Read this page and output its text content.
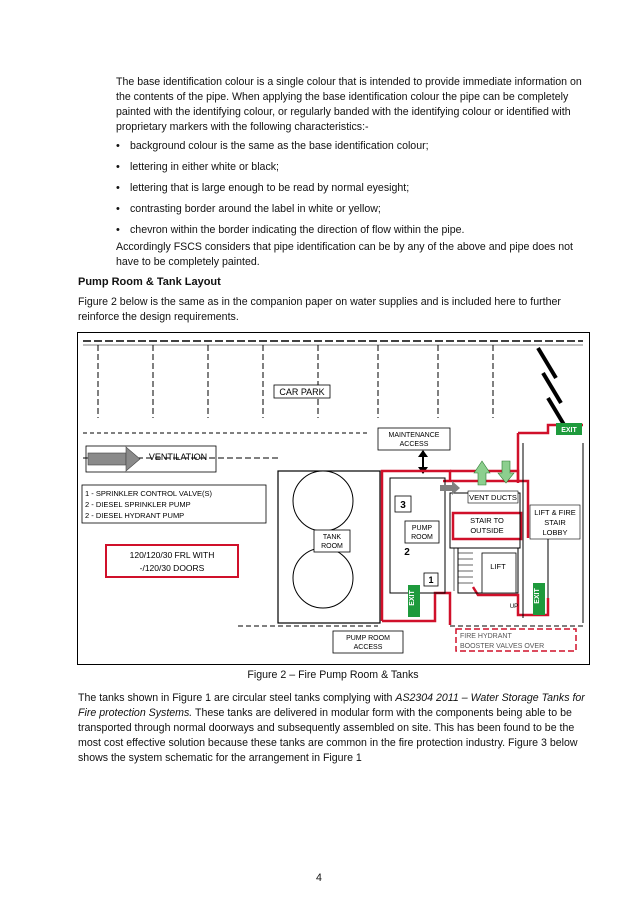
The base identification colour is a single colour that is intended to provide immediate information on the contents of the pipe. When applying the base identification colour the pipe can be completely painted with the identifying colour, or regularly banded with the identifying colour or identified with proprietary markers with the following characteristics:-
• background colour is the same as the base identification colour;
• lettering in either white or black;
• lettering that is large enough to be read by normal eyesight;
• contrasting border around the label in white or yellow;
• chevron within the border indicating the direction of flow within the pipe.
Accordingly FSCS considers that pipe identification can be by any of the above and pipe does not have to be completely painted.
Pump Room & Tank Layout
Figure 2 below is the same as in the companion paper on water supplies and is included here to further reinforce the design requirements.
CAR PARK
MAINTENANCE
ACCESS
VENTILATION
1 - SPRINKLER CONTROL VALVE(S)
2 - DIESEL SPRINKLER PUMP
2 - DIESEL HYDRANT PUMP
120/120/30 FRL WITH
-/120/30 DOORS
TANK
ROOM
3
PUMP
ROOM
2
1
VENT DUCTS
STAIR TO
OUTSIDE
LIFT & FIRE
STAIR
LOBBY
LIFT
UP
EXIT
EXIT	EXIT
PUMP ROOM
ACCESS
FIRE HYDRANT
BOOSTER VALVES OVER
Figure 2 – Fire Pump Room & Tanks
The tanks shown in Figure 1 are circular steel tanks complying with AS2304 2011 – Water Storage Tanks for Fire protection Systems. These tanks are delivered in modular form with the components being able to be transported through normal doorways and subsequently assembled on site. This has been found to be the most cost effective solution because these tanks are common in the fire protection industry. Figure 3 below shows the system schematic for the arrangement in Figure 1
4
